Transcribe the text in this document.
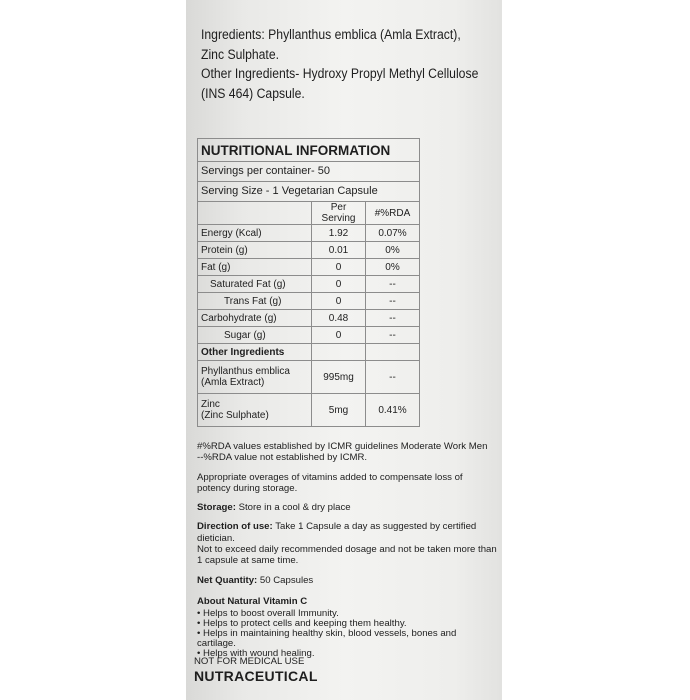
Ingredients: Phyllanthus emblica (Amla Extract),
Zinc Sulphate.
Other Ingredients- Hydroxy Propyl Methyl Cellulose
(INS 464) Capsule.
NUTRITIONAL INFORMATION		
Servings per container- 50		
Serving Size - 1 Vegetarian Capsule		
	Per Serving	#%RDA
Energy (Kcal)	1.92	0.07%
Protein (g)	0.01	0%
Fat (g)	0	0%
Saturated Fat (g)	0	--
Trans Fat (g)	0	--
Carbohydrate (g)	0.48	--
Sugar (g)	0	--
Other Ingredients		
Phyllanthus emblica
(Amla Extract)	995mg	--
Zinc
(Zinc Sulphate)	5mg	0.41%

#%RDA values established by ICMR guidelines Moderate Work Men
--%RDA value not established by ICMR.

Appropriate overages of vitamins added to compensate loss of potency during storage.

Storage: Store in a cool & dry place

Direction of use: Take 1 Capsule a day as suggested by certified dietician.

Not to exceed daily recommended dosage and not be taken more than 1 capsule at same time.

Net Quantity: 50 Capsules

About Natural Vitamin C
• Helps to boost overall Immunity.
• Helps to protect cells and keeping them healthy.
• Helps in maintaining healthy skin, blood vessels, bones and cartilage.
• Helps with wound healing.
NOT FOR MEDICAL USE
NUTRACEUTICAL
